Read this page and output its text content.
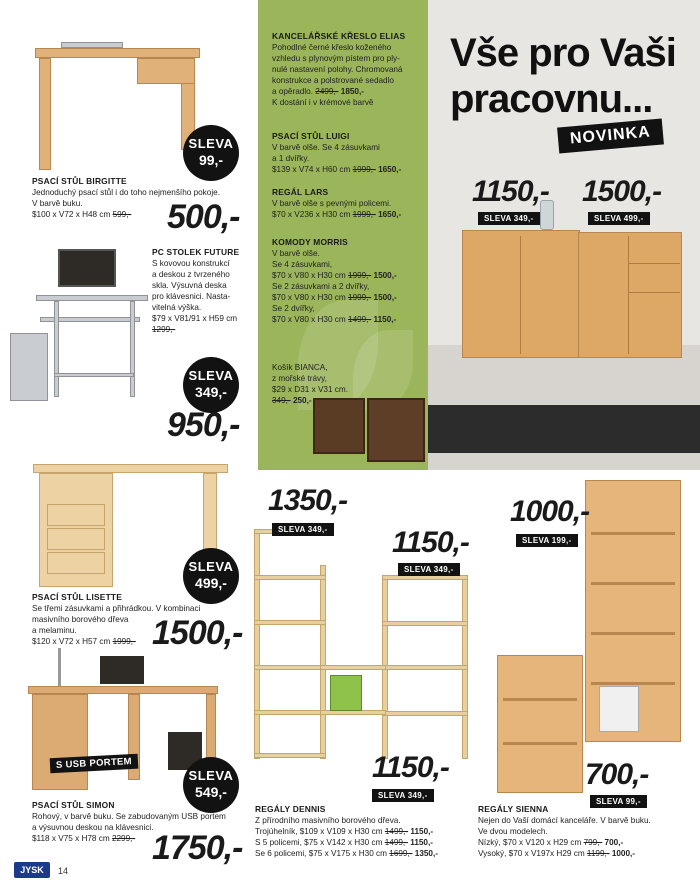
KANCELÁŘSKÉ KŘESLO ELIAS
Pohodlné černé křeslo koženého
vzhledu s plynovým pístem pro ply-
nulé nastavení polohy. Chromovaná
konstrukce a polstrované sedadlo
a opěradlo. 2499,- 1850,-
K dostání i v krémové barvě
PSACÍ STŮL LUIGI
V barvě olše. Se 4 zásuvkami
a 1 dvířky.
$139 x V74 x H60 cm 1999,- 1650,-
REGÁL LARS
V barvě olše s pevnými policemi.
$70 x V236 x H30 cm 1999,- 1650,-
KOMODY MORRIS
V barvě olše.
Se 4 zásuvkami,
$70 x V80 x H30 cm 1999,- 1500,-
Se 2 zásuvkami a 2 dvířky,
$70 x V80 x H30 cm 1999,- 1500,-
Se 2 dvířky,
$70 x V80 x H30 cm 1499,- 1150,-
Košík BIANCA,
z mořské trávy,
$29 x D31 x V31 cm.
349,- 250,-
Vše pro Vaši
pracovnu...
NOVINKA
1150,-
SLEVA 349,-
1500,-
SLEVA 499,-
SLEVA
99,-
PSACÍ STŮL BIRGITTE
Jednoduchý psací stůl i do toho nejmenšího pokoje.
V barvě buku.
$100 x V72 x H48 cm 599,-	500,-
PC STOLEK FUTURE
S kovovou konstrukcí
a deskou z tvrzeného
skla. Výsuvná deska
pro klávesnici. Nasta-
vitelná výška.
$79 x V81/91 x H59 cm
1299,-
SLEVA
349,-
950,-
SLEVA
499,-
PSACÍ STŮL LISETTE
Se třemi zásuvkami a přihrádkou. V kombinaci
masivního borového dřeva
a melaminu.
$120 x V72 x H57 cm 1999,- 1500,-
S USB PORTEM
SLEVA
549,-
PSACÍ STŮL SIMON
Rohový, v barvě buku. Se zabudovaným USB portem
a výsuvnou deskou na klávesnici.
$118 x V75 x H78 cm 2299,- 1750,-
1350,-
SLEVA 349,- 1150,-
SLEVA 349,-
1150,-
SLEVA 349,-
REGÁLY DENNIS
Z přírodního masivního borového dřeva.
Trojúhelník, $109 x V109 x H30 cm 1499,- 1150,-
S 5 policemi, $75 x V142 x H30 cm 1499,- 1150,-
Se 6 policemi, $75 x V175 x H30 cm 1699,- 1350,-
1000,-
SLEVA 199,-
700,-
SLEVA 99,-
REGÁLY SIENNA
Nejen do Vaší domácí kanceláře. V barvě buku.
Ve dvou modelech.
Nízký, $70 x V120 x H29 cm 799,- 700,-
Vysoký, $70 x V197x H29 cm 1199,- 1000,-
JYSK	14
